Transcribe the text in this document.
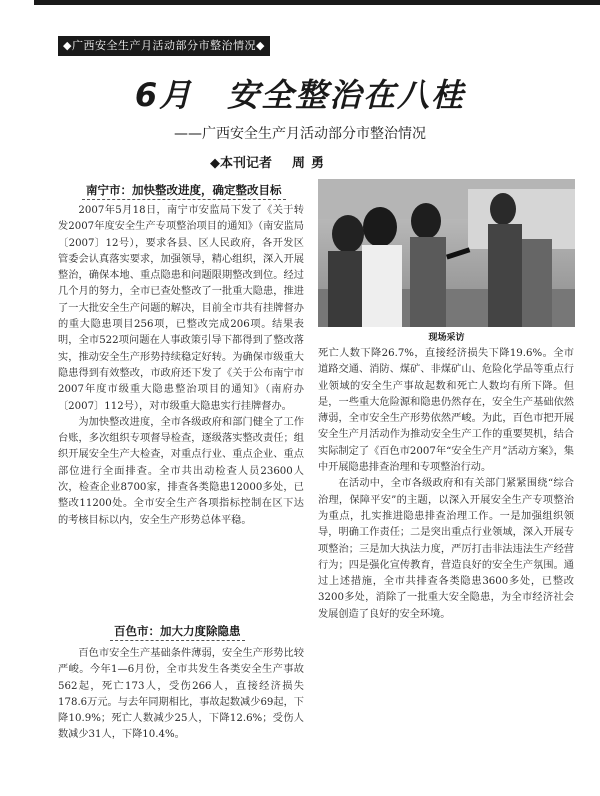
◆广西安全生产月活动部分市整治情况◆
6月 安全整治在八桂
——广西安全生产月活动部分市整治情况
◆本刊记者 周勇
南宁市：加快整改进度，确定整改目标

2007年5月18日，南宁市安监局下发了《关于转发2007年度安全生产专项整治项目的通知》（南安监局〔2007〕12号），要求各县、区人民政府，各开发区管委会认真落实要求，加强领导，精心组织，深入开展整治，确保本地、重点隐患和问题限期整改到位。经过几个月的努力，全市已查处整改了一批重大隐患，推进了一大批安全生产问题的解决，目前全市共有挂牌督办的重大隐患项目256项，已整改完成206项。结果表明，全市522项问题在人事政策引导下都得到了整改落实，推动安全生产形势持续稳定好转。为确保市级重大隐患得到有效整改，市政府还下发了《关于公布南宁市2007年度市级重大隐患整治项目的通知》（南府办〔2007〕112号），对市级重大隐患实行挂牌督办。

为加快整改进度，全市各级政府和部门健全了工作台账，多次组织专项督导检查，逐级落实整改责任；组织开展安全生产大检查，对重点行业、重点企业、重点部位进行全面排查。全市共出动检查人员23600人次，检查企业8700家，排查各类隐患12000多处，已整改11200处。全市安全生产各项指标控制在区下达的考核目标以内，安全生产形势总体平稳。

百色市：加大力度除隐患

百色市安全生产基础条件薄弱，安全生产形势比较严峻。今年1—6月份，全市共发生各类安全生产事故562起，死亡173人，受伤266人，直接经济损失178.6万元。与去年同期相比，事故起数减少69起，下降10.9%；死亡人数减少25人，下降12.6%；受伤人数减少31人，下降10.4%。

现场采访

死亡人数下降26.7%，直接经济损失下降19.6%。全市道路交通、消防、煤矿、非煤矿山、危险化学品等重点行业领域的安全生产事故起数和死亡人数均有所下降。但是，一些重大危险源和隐患仍然存在，安全生产基础依然薄弱，全市安全生产形势依然严峻。为此，百色市把开展安全生产月活动作为推动安全生产工作的重要契机，结合实际制定了《百色市2007年“安全生产月”活动方案》，集中开展隐患排查治理和专项整治行动。

在活动中，全市各级政府和有关部门紧紧围绕“综合治理，保障平安”的主题，以深入开展安全生产专项整治为重点，扎实推进隐患排查治理工作。一是加强组织领导，明确工作责任；二是突出重点行业领域，深入开展专项整治；三是加大执法力度，严厉打击非法违法生产经营行为；四是强化宣传教育，营造良好的安全生产氛围。通过上述措施，全市共排查各类隐患3600多处，已整改3200多处，消除了一批重大安全隐患，为全市经济社会发展创造了良好的安全环境。
